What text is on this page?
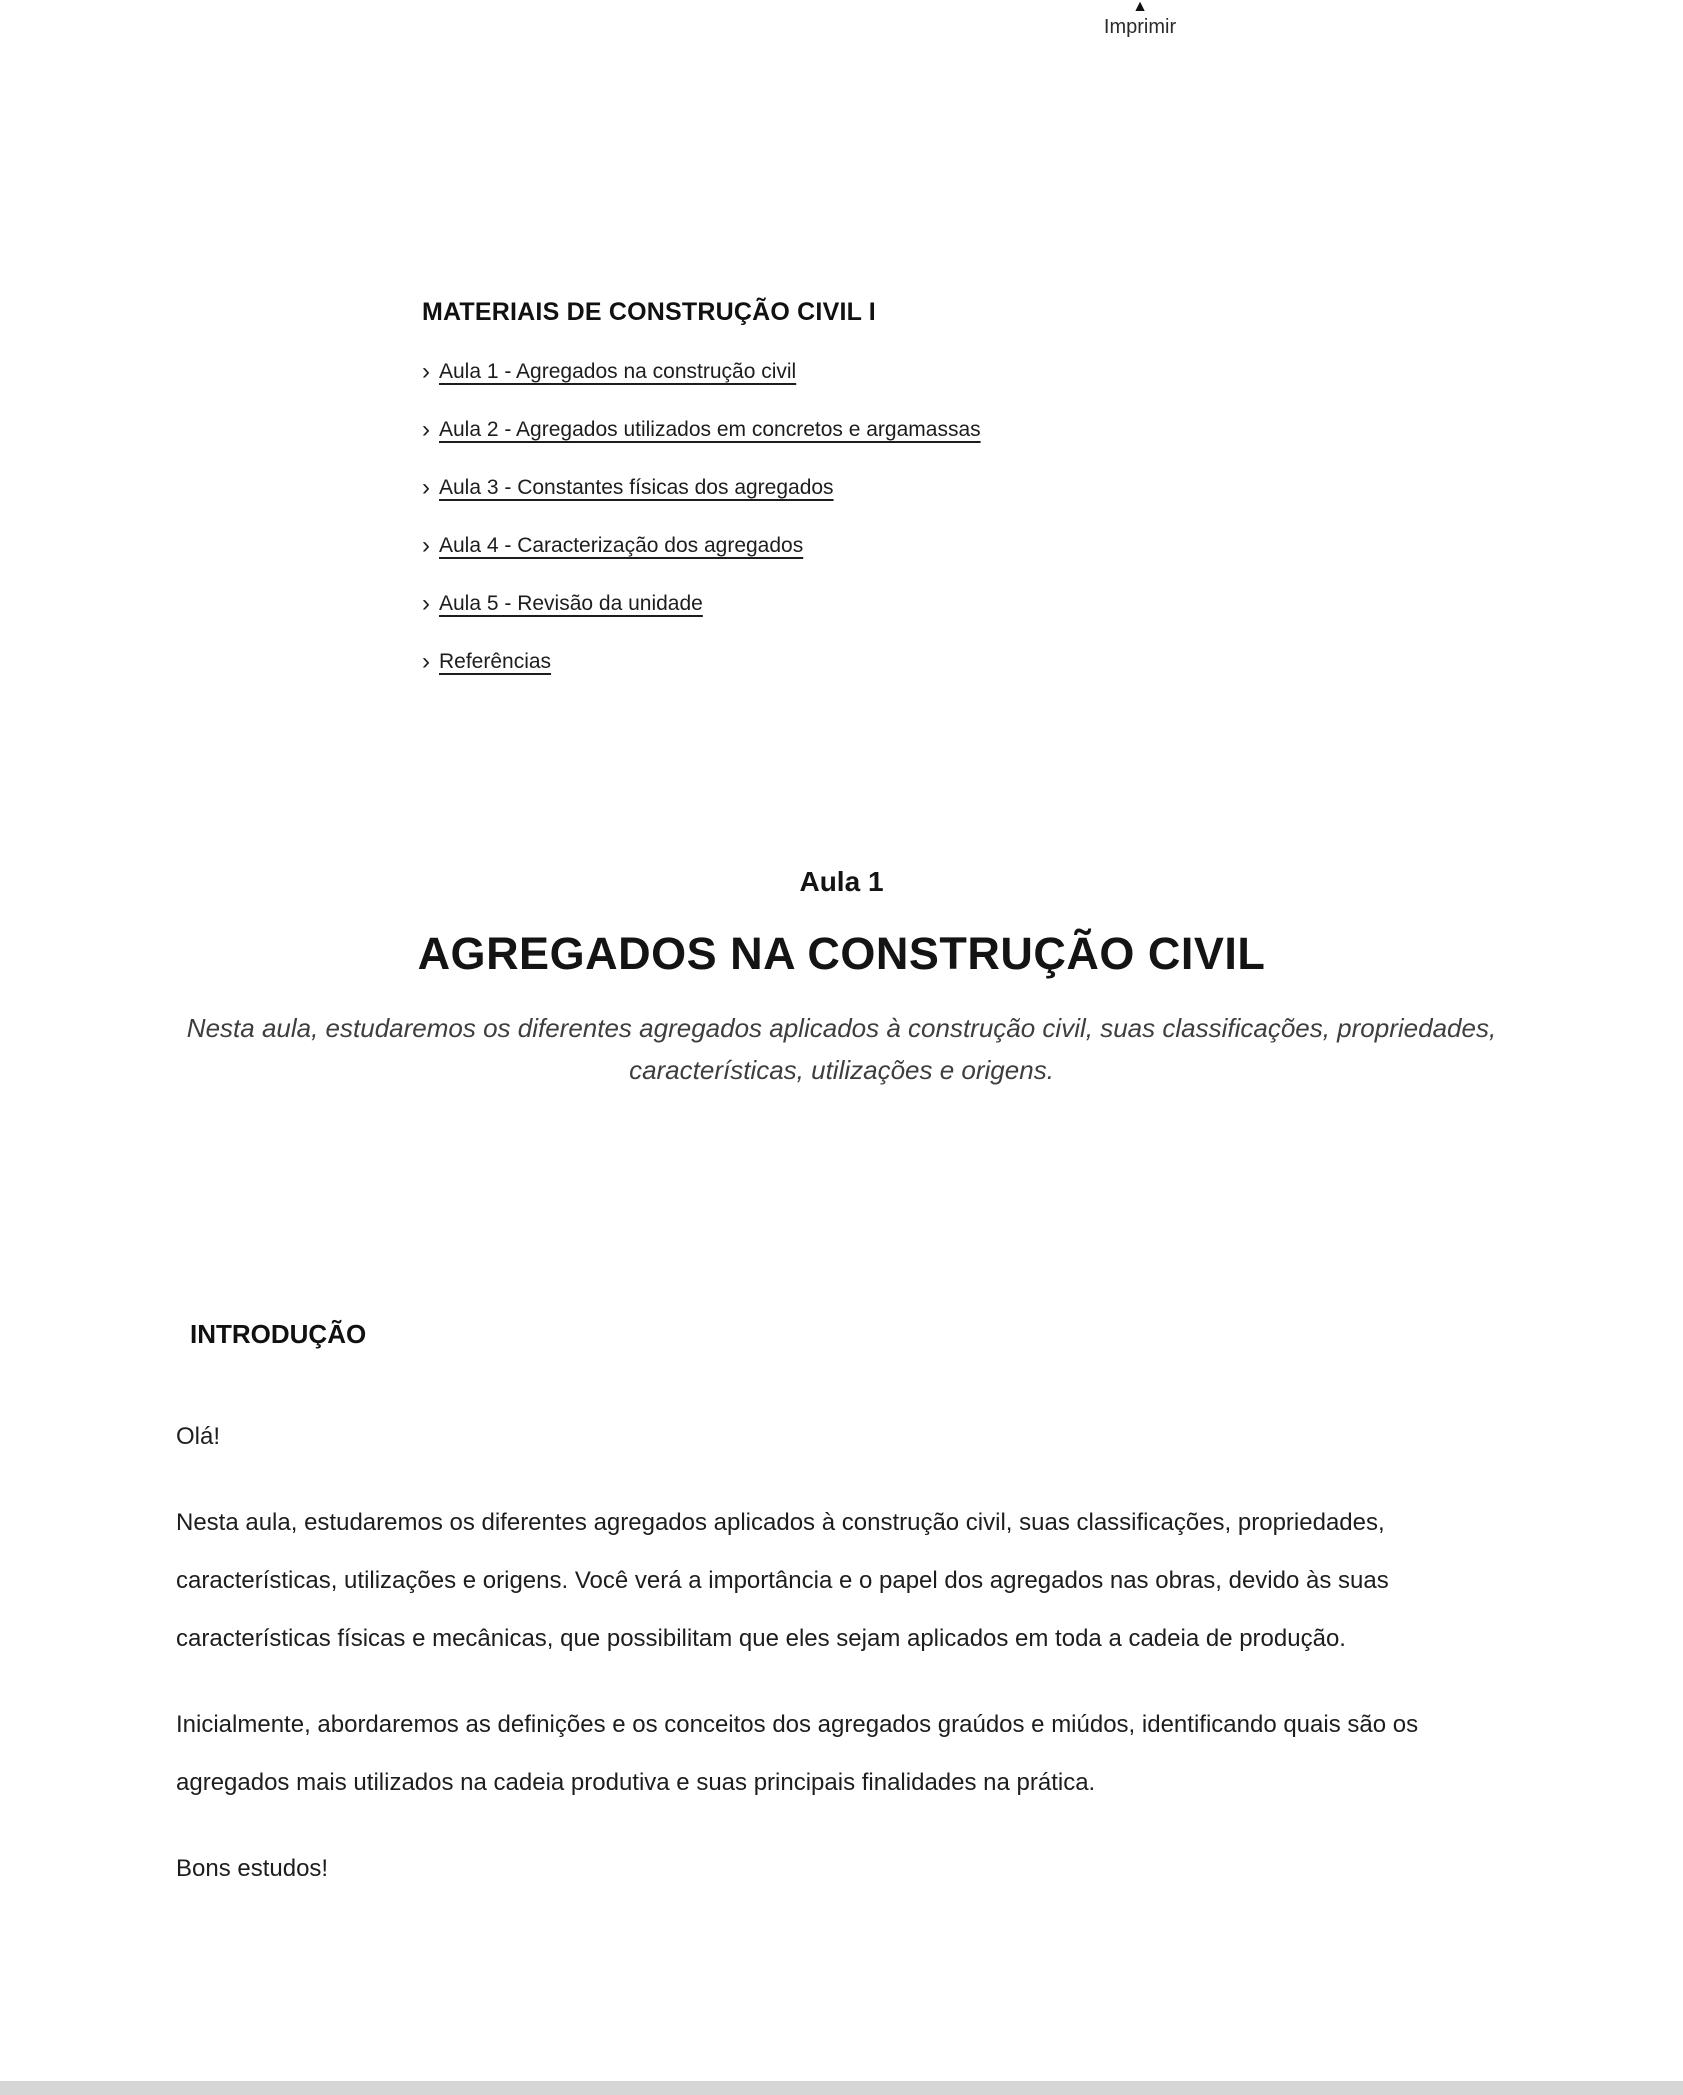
▲
Imprimir
MATERIAIS DE CONSTRUÇÃO CIVIL I
› Aula 1 - Agregados na construção civil
› Aula 2 - Agregados utilizados em concretos e argamassas
› Aula 3 - Constantes físicas dos agregados
› Aula 4 - Caracterização dos agregados
› Aula 5 - Revisão da unidade
› Referências
Aula 1
AGREGADOS NA CONSTRUÇÃO CIVIL
Nesta aula, estudaremos os diferentes agregados aplicados à construção civil, suas classificações, propriedades, características, utilizações e origens.
INTRODUÇÃO

Olá!

Nesta aula, estudaremos os diferentes agregados aplicados à construção civil, suas classificações, propriedades, características, utilizações e origens. Você verá a importância e o papel dos agregados nas obras, devido às suas características físicas e mecânicas, que possibilitam que eles sejam aplicados em toda a cadeia de produção.

Inicialmente, abordaremos as definições e os conceitos dos agregados graúdos e miúdos, identificando quais são os agregados mais utilizados na cadeia produtiva e suas principais finalidades na prática.

Bons estudos!
